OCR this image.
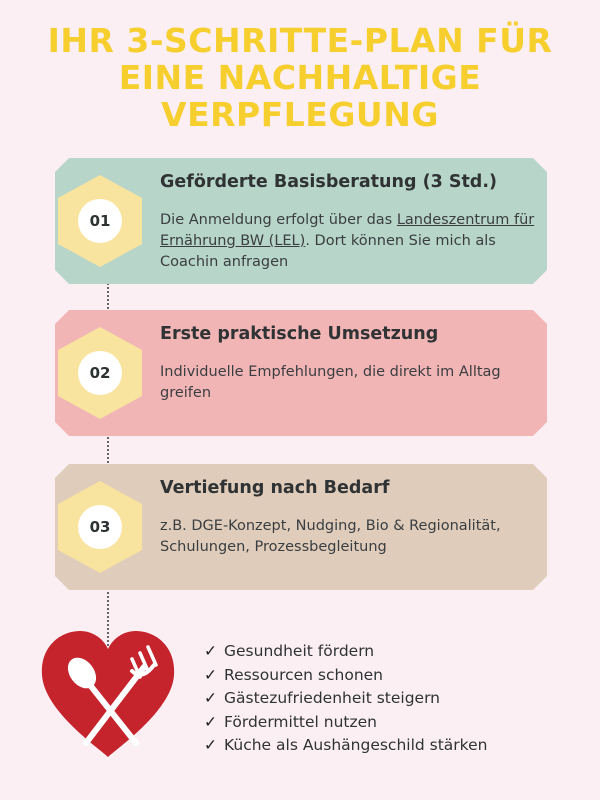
IHR 3-SCHRITTE-PLAN FÜR
EINE NACHHALTIGE
VERPFLEGUNG
01
Geförderte Basisberatung (3 Std.)
Die Anmeldung erfolgt über das Landeszentrum für Ernährung BW (LEL). Dort können Sie mich als Coachin anfragen
02
Erste praktische Umsetzung
Individuelle Empfehlungen, die direkt im Alltag greifen
03
Vertiefung nach Bedarf
z.B. DGE-Konzept, Nudging, Bio & Regionalität, Schulungen, Prozessbegleitung
✓ Gesundheit fördern
✓ Ressourcen schonen
✓ Gästezufriedenheit steigern
✓ Fördermittel nutzen
✓ Küche als Aushängeschild stärken
